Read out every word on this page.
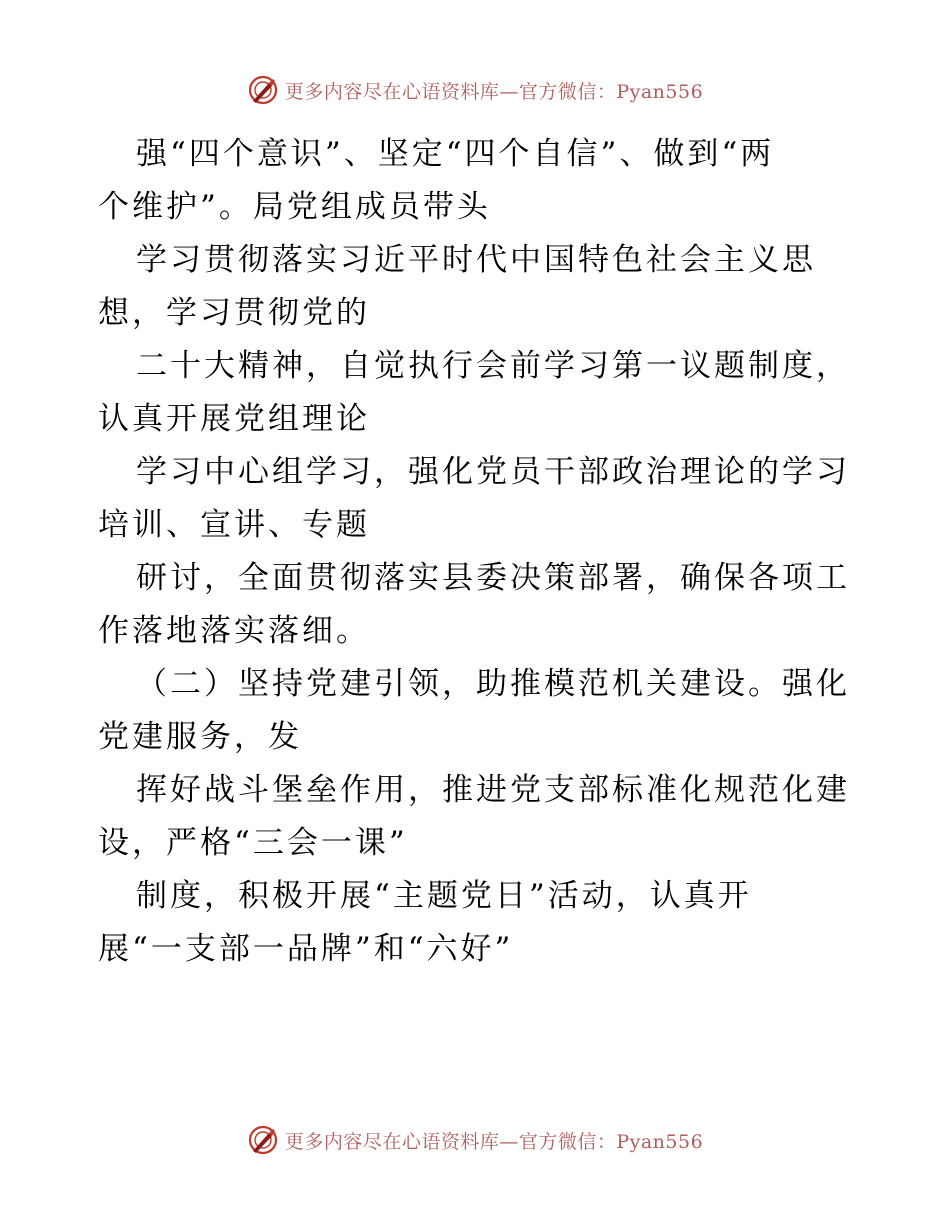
更多内容尽在心语资料库—官方微信：Pyan556
强“四个意识”、坚定“四个自信”、做到“两
个维护”。局党组成员带头
学习贯彻落实习近平时代中国特色社会主义思
想，学习贯彻党的
二十大精神，自觉执行会前学习第一议题制度，
认真开展党组理论
学习中心组学习，强化党员干部政治理论的学习
培训、宣讲、专题
研讨，全面贯彻落实县委决策部署，确保各项工
作落地落实落细。
（二）坚持党建引领，助推模范机关建设。强化
党建服务，发
挥好战斗堡垒作用，推进党支部标准化规范化建
设，严格“三会一课”
制度，积极开展“主题党日”活动，认真开
展“一支部一品牌”和“六好”
更多内容尽在心语资料库—官方微信：Pyan556
